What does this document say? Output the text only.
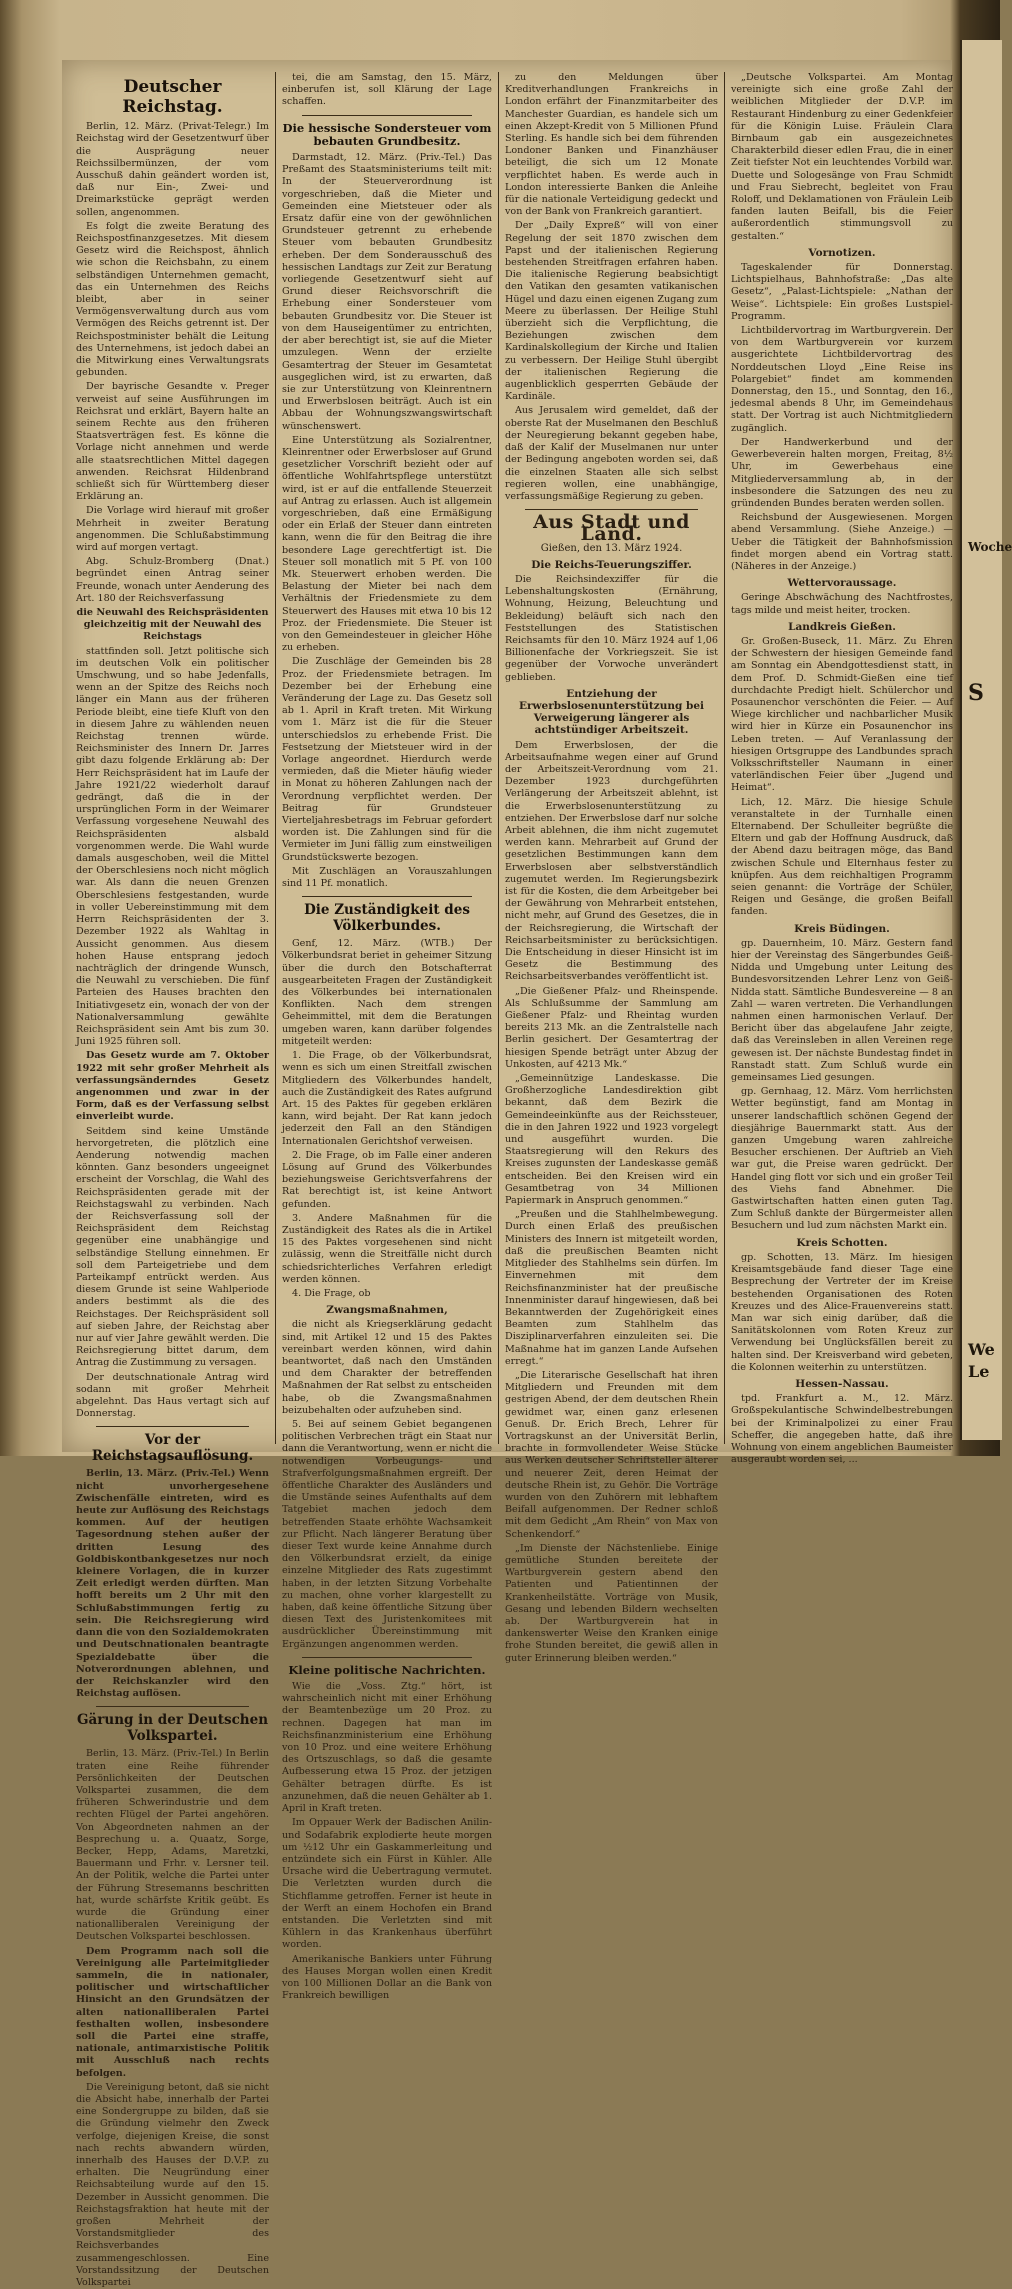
Woche
S
We
Le
Deutscher Reichstag.

Berlin, 12. März. (Privat-Telegr.) Im Reichstag wird der Gesetzentwurf über die Ausprägung neuer Reichssilbermünzen, der vom Ausschuß dahin geändert worden ist, daß nur Ein-, Zwei- und Dreimarkstücke geprägt werden sollen, angenommen.

Es folgt die zweite Beratung des Reichspostfinanzgesetzes. Mit diesem Gesetz wird die Reichspost, ähnlich wie schon die Reichsbahn, zu einem selbständigen Unternehmen gemacht, das ein Unternehmen des Reichs bleibt, aber in seiner Vermögensverwaltung durch aus vom Vermögen des Reichs getrennt ist. Der Reichspostminister behält die Leitung des Unternehmens, ist jedoch dabei an die Mitwirkung eines Verwaltungsrats gebunden.

Der bayrische Gesandte v. Preger verweist auf seine Ausführungen im Reichsrat und erklärt, Bayern halte an seinem Rechte aus den früheren Staatsverträgen fest. Es könne die Vorlage nicht annehmen und werde alle staatsrechtlichen Mittel dagegen anwenden. Reichsrat Hildenbrand schließt sich für Württemberg dieser Erklärung an.

Die Vorlage wird hierauf mit großer Mehrheit in zweiter Beratung angenommen. Die Schlußabstimmung wird auf morgen vertagt.

Abg. Schulz-Bromberg (Dnat.) begründet einen Antrag seiner Freunde, wonach unter Aenderung des Art. 180 der Reichsverfassung

die Neuwahl des Reichspräsidenten gleichzeitig mit der Neuwahl des Reichstags

stattfinden soll. Jetzt politische sich im deutschen Volk ein politischer Umschwung, und so habe Jedenfalls, wenn an der Spitze des Reichs noch länger ein Mann aus der früheren Periode bleibt, eine tiefe Kluft von den in diesem Jahre zu wählenden neuen Reichstag trennen würde. Reichsminister des Innern Dr. Jarres gibt dazu folgende Erklärung ab: Der Herr Reichspräsident hat im Laufe der Jahre 1921/22 wiederholt darauf gedrängt, daß die in der ursprünglichen Form in der Weimarer Verfassung vorgesehene Neuwahl des Reichspräsidenten alsbald vorgenommen werde. Die Wahl wurde damals ausgeschoben, weil die Mittel der Oberschlesiens noch nicht möglich war. Als dann die neuen Grenzen Oberschlesiens festgestanden, wurde in voller Uebereinstimmung mit dem Herrn Reichspräsidenten der 3. Dezember 1922 als Wahltag in Aussicht genommen. Aus diesem hohen Hause entsprang jedoch nachträglich der dringende Wunsch, die Neuwahl zu verschieben. Die fünf Parteien des Hauses brachten den Initiativgesetz ein, wonach der von der Nationalversammlung gewählte Reichspräsident sein Amt bis zum 30. Juni 1925 führen soll.

Das Gesetz wurde am 7. Oktober 1922 mit sehr großer Mehrheit als verfassungsänderndes Gesetz angenommen und zwar in der Form, daß es der Verfassung selbst einverleibt wurde.

Seitdem sind keine Umstände hervorgetreten, die plötzlich eine Aenderung notwendig machen könnten. Ganz besonders ungeeignet erscheint der Vorschlag, die Wahl des Reichspräsidenten gerade mit der Reichstagswahl zu verbinden. Nach der Reichsverfassung soll der Reichspräsident dem Reichstag gegenüber eine unabhängige und selbständige Stellung einnehmen. Er soll dem Parteigetriebe und dem Parteikampf entrückt werden. Aus diesem Grunde ist seine Wahlperiode anders bestimmt als die des Reichstages. Der Reichspräsident soll auf sieben Jahre, der Reichstag aber nur auf vier Jahre gewählt werden. Die Reichsregierung bittet darum, dem Antrag die Zustimmung zu versagen.

Der deutschnationale Antrag wird sodann mit großer Mehrheit abgelehnt. Das Haus vertagt sich auf Donnerstag.

Vor der Reichstagsauflösung.

Berlin, 13. März. (Priv.-Tel.) Wenn nicht unvorhergesehene Zwischenfälle eintreten, wird es heute zur Auflösung des Reichstags kommen. Auf der heutigen Tagesordnung stehen außer der dritten Lesung des Goldbiskontbankgesetzes nur noch kleinere Vorlagen, die in kurzer Zeit erledigt werden dürften. Man hofft bereits um 2 Uhr mit den Schlußabstimmungen fertig zu sein. Die Reichsregierung wird dann die von den Sozialdemokraten und Deutschnationalen beantragte Spezialdebatte über die Notverordnungen ablehnen, und der Reichskanzler wird den Reichstag auflösen.

Gärung in der Deutschen Volkspartei.

Berlin, 13. März. (Priv.-Tel.) In Berlin traten eine Reihe führender Persönlichkeiten der Deutschen Volkspartei zusammen, die dem früheren Schwerindustrie und dem rechten Flügel der Partei angehören. Von Abgeordneten nahmen an der Besprechung u. a. Quaatz, Sorge, Becker, Hepp, Adams, Maretzki, Bauermann und Frhr. v. Lersner teil. An der Politik, welche die Partei unter der Führung Stresemanns beschritten hat, wurde schärfste Kritik geübt. Es wurde die Gründung einer nationalliberalen Vereinigung der Deutschen Volkspartei beschlossen.

Dem Programm nach soll die Vereinigung alle Parteimitglieder sammeln, die in nationaler, politischer und wirtschaftlicher Hinsicht an den Grundsätzen der alten nationalliberalen Partei festhalten wollen, insbesondere soll die Partei eine straffe, nationale, antimarxistische Politik mit Ausschluß nach rechts befolgen.

Die Vereinigung betont, daß sie nicht die Absicht habe, innerhalb der Partei eine Sondergruppe zu bilden, daß sie die Gründung vielmehr den Zweck verfolge, diejenigen Kreise, die sonst nach rechts abwandern würden, innerhalb des Hauses der D.V.P. zu erhalten. Die Neugründung einer Reichsabteilung wurde auf den 15. Dezember in Aussicht genommen. Die Reichstagsfraktion hat heute mit der großen Mehrheit der Vorstandsmitglieder des Reichsverbandes zusammengeschlossen. Eine Vorstandssitzung der Deutschen Volkspartei

tei, die am Samstag, den 15. März, einberufen ist, soll Klärung der Lage schaffen.

Die hessische Sondersteuer vom bebauten Grundbesitz.

Darmstadt, 12. März. (Priv.-Tel.) Das Preßamt des Staatsministeriums teilt mit: In der Steuerverordnung ist vorgeschrieben, daß die Mieter und Gemeinden eine Mietsteuer oder als Ersatz dafür eine von der gewöhnlichen Grundsteuer getrennt zu erhebende Steuer vom bebauten Grundbesitz erheben. Der dem Sonderausschuß des hessischen Landtags zur Zeit zur Beratung vorliegende Gesetzentwurf sieht auf Grund dieser Reichsvorschrift die Erhebung einer Sondersteuer vom bebauten Grundbesitz vor. Die Steuer ist von dem Hauseigentümer zu entrichten, der aber berechtigt ist, sie auf die Mieter umzulegen. Wenn der erzielte Gesamtertrag der Steuer im Gesamtetat ausgeglichen wird, ist zu erwarten, daß sie zur Unterstützung von Kleinrentnern und Erwerbslosen beiträgt. Auch ist ein Abbau der Wohnungszwangswirtschaft wünschenswert.

Eine Unterstützung als Sozialrentner, Kleinrentner oder Erwerbsloser auf Grund gesetzlicher Vorschrift bezieht oder auf öffentliche Wohlfahrtspflege unterstützt wird, ist er auf die entfallende Steuerzeit auf Antrag zu erlassen. Auch ist allgemein vorgeschrieben, daß eine Ermäßigung oder ein Erlaß der Steuer dann eintreten kann, wenn die für den Beitrag die ihre besondere Lage gerechtfertigt ist. Die Steuer soll monatlich mit 5 Pf. von 100 Mk. Steuerwert erhoben werden. Die Belastung der Mieter bei nach dem Verhältnis der Friedensmiete zu dem Steuerwert des Hauses mit etwa 10 bis 12 Proz. der Friedensmiete. Die Steuer ist von den Gemeindesteuer in gleicher Höhe zu erheben.

Die Zuschläge der Gemeinden bis 28 Proz. der Friedensmiete betragen. Im Dezember bei der Erhebung eine Veränderung der Lage zu. Das Gesetz soll ab 1. April in Kraft treten. Mit Wirkung vom 1. März ist die für die Steuer unterschiedslos zu erhebende Frist. Die Festsetzung der Mietsteuer wird in der Vorlage angeordnet. Hierdurch werde vermieden, daß die Mieter häufig wieder in Monat zu höheren Zahlungen nach der Verordnung verpflichtet werden. Der Beitrag für Grundsteuer Vierteljahresbetrags im Februar gefordert worden ist. Die Zahlungen sind für die Vermieter im Juni fällig zum einstweiligen Grundstückswerte bezogen.

Mit Zuschlägen an Vorauszahlungen sind 11 Pf. monatlich.

Die Zuständigkeit des Völkerbundes.

Genf, 12. März. (WTB.) Der Völkerbundsrat beriet in geheimer Sitzung über die durch den Botschafterrat ausgearbeiteten Fragen der Zuständigkeit des Völkerbundes bei internationalen Konflikten. Nach dem strengen Geheimmittel, mit dem die Beratungen umgeben waren, kann darüber folgendes mitgeteilt werden:

1. Die Frage, ob der Völkerbundsrat, wenn es sich um einen Streitfall zwischen Mitgliedern des Völkerbundes handelt, auch die Zuständigkeit des Rates aufgrund Art. 15 des Paktes für gegeben erklären kann, wird bejaht. Der Rat kann jedoch jederzeit den Fall an den Ständigen Internationalen Gerichtshof verweisen.

2. Die Frage, ob im Falle einer anderen Lösung auf Grund des Völkerbundes beziehungsweise Gerichtsverfahrens der Rat berechtigt ist, ist keine Antwort gefunden.

3. Andere Maßnahmen für die Zuständigkeit des Rates als die in Artikel 15 des Paktes vorgesehenen sind nicht zulässig, wenn die Streitfälle nicht durch schiedsrichterliches Verfahren erledigt werden können.

4. Die Frage, ob

Zwangsmaßnahmen,

die nicht als Kriegserklärung gedacht sind, mit Artikel 12 und 15 des Paktes vereinbart werden können, wird dahin beantwortet, daß nach den Umständen und dem Charakter der betreffenden Maßnahmen der Rat selbst zu entscheiden habe, ob die Zwangsmaßnahmen beizubehalten oder aufzuheben sind.

5. Bei auf seinem Gebiet begangenen politischen Verbrechen trägt ein Staat nur dann die Verantwortung, wenn er nicht die notwendigen Vorbeugungs- und Strafverfolgungsmaßnahmen ergreift. Der öffentliche Charakter des Ausländers und die Umstände seines Aufenthalts auf dem Tatgebiet machen jedoch dem betreffenden Staate erhöhte Wachsamkeit zur Pflicht. Nach längerer Beratung über dieser Text wurde keine Annahme durch den Völkerbundsrat erzielt, da einige einzelne Mitglieder des Rats zugestimmt haben, in der letzten Sitzung Vorbehalte zu machen, ohne vorher klargestellt zu haben, daß keine öffentliche Sitzung über diesen Text des Juristenkomitees mit ausdrücklicher Übereinstimmung mit Ergänzungen angenommen werden.

Kleine politische Nachrichten.

Wie die „Voss. Ztg.“ hört, ist wahrscheinlich nicht mit einer Erhöhung der Beamtenbezüge um 20 Proz. zu rechnen. Dagegen hat man im Reichsfinanzministerium eine Erhöhung von 10 Proz. und eine weitere Erhöhung des Ortszuschlags, so daß die gesamte Aufbesserung etwa 15 Proz. der jetzigen Gehälter betragen dürfte. Es ist anzunehmen, daß die neuen Gehälter ab 1. April in Kraft treten.

Im Oppauer Werk der Badischen Anilin- und Sodafabrik explodierte heute morgen um ½12 Uhr ein Gaskammerleitung und entzündete sich ein Fürst in Kühler. Alle Ursache wird die Uebertragung vermutet. Die Verletzten wurden durch die Stichflamme getroffen. Ferner ist heute in der Werft an einem Hochofen ein Brand entstanden. Die Verletzten sind mit Kühlern in das Krankenhaus überführt worden.

Amerikanische Bankiers unter Führung des Hauses Morgan wollen einen Kredit von 100 Millionen Dollar an die Bank von Frankreich bewilligen

zu den Meldungen über Kreditverhandlungen Frankreichs in London erfährt der Finanzmitarbeiter des Manchester Guardian, es handele sich um einen Akzept-Kredit von 5 Millionen Pfund Sterling. Es handle sich bei dem führenden Londoner Banken und Finanzhäuser beteiligt, die sich um 12 Monate verpflichtet haben. Es werde auch in London interessierte Banken die Anleihe für die nationale Verteidigung gedeckt und von der Bank von Frankreich garantiert.

Der „Daily Expreß“ will von einer Regelung der seit 1870 zwischen dem Papst und der italienischen Regierung bestehenden Streitfragen erfahren haben. Die italienische Regierung beabsichtigt den Vatikan den gesamten vatikanischen Hügel und dazu einen eigenen Zugang zum Meere zu überlassen. Der Heilige Stuhl überzieht sich die Verpflichtung, die Beziehungen zwischen dem Kardinalskollegium der Kirche und Italien zu verbessern. Der Heilige Stuhl übergibt der italienischen Regierung die augenblicklich gesperrten Gebäude der Kardinäle.

Aus Jerusalem wird gemeldet, daß der oberste Rat der Muselmanen den Beschluß der Neuregierung bekannt gegeben habe, daß der Kalif der Muselmanen nur unter der Bedingung angeboten worden sei, daß die einzelnen Staaten alle sich selbst regieren wollen, eine unabhängige, verfassungsmäßige Regierung zu geben.

Aus Stadt und Land.
Gießen, den 13. März 1924.
Die Reichs-Teuerungsziffer.

Die Reichsindexziffer für die Lebenshaltungskosten (Ernährung, Wohnung, Heizung, Beleuchtung und Bekleidung) beläuft sich nach den Feststellungen des Statistischen Reichsamts für den 10. März 1924 auf 1,06 Billionenfache der Vorkriegszeit. Sie ist gegenüber der Vorwoche unverändert geblieben.

Entziehung der Erwerbslosenunterstützung bei Verweigerung längerer als achtstündiger Arbeitszeit.

Dem Erwerbslosen, der die Arbeitsaufnahme wegen einer auf Grund der Arbeitszeit-Verordnung vom 21. Dezember 1923 durchgeführten Verlängerung der Arbeitszeit ablehnt, ist die Erwerbslosenunterstützung zu entziehen. Der Erwerbslose darf nur solche Arbeit ablehnen, die ihm nicht zugemutet werden kann. Mehrarbeit auf Grund der gesetzlichen Bestimmungen kann dem Erwerbslosen aber selbstverständlich zugemutet werden. Im Regierungsbezirk ist für die Kosten, die dem Arbeitgeber bei der Gewährung von Mehrarbeit entstehen, nicht mehr, auf Grund des Gesetzes, die in der Reichsregierung, die Wirtschaft der Reichsarbeitsminister zu berücksichtigen. Die Entscheidung in dieser Hinsicht ist im Gesetz die Bestimmung des Reichsarbeitsverbandes veröffentlicht ist.

„Die Gießener Pfalz- und Rheinspende. Als Schlußsumme der Sammlung am Gießener Pfalz- und Rheintag wurden bereits 213 Mk. an die Zentralstelle nach Berlin gesichert. Der Gesamtertrag der hiesigen Spende beträgt unter Abzug der Unkosten, auf 4213 Mk.“

„Gemeinnützige Landeskasse. Die Großherzogliche Landesdirektion gibt bekannt, daß dem Bezirk die Gemeindeeinkünfte aus der Reichssteuer, die in den Jahren 1922 und 1923 vorgelegt und ausgeführt wurden. Die Staatsregierung will den Rekurs des Kreises zugunsten der Landeskasse gemäß entscheiden. Bei den Kreisen wird ein Gesamtbetrag von 34 Millionen Papiermark in Anspruch genommen.“

„Preußen und die Stahlhelmbewegung. Durch einen Erlaß des preußischen Ministers des Innern ist mitgeteilt worden, daß die preußischen Beamten nicht Mitglieder des Stahlhelms sein dürfen. Im Einvernehmen mit dem Reichsfinanzminister hat der preußische Innenminister darauf hingewiesen, daß bei Bekanntwerden der Zugehörigkeit eines Beamten zum Stahlhelm das Disziplinarverfahren einzuleiten sei. Die Maßnahme hat im ganzen Lande Aufsehen erregt.“

„Die Literarische Gesellschaft hat ihren Mitgliedern und Freunden mit dem gestrigen Abend, der dem deutschen Rhein gewidmet war, einen ganz erlesenen Genuß. Dr. Erich Brech, Lehrer für Vortragskunst an der Universität Berlin, brachte in formvollendeter Weise Stücke aus Werken deutscher Schriftsteller älterer und neuerer Zeit, deren Heimat der deutsche Rhein ist, zu Gehör. Die Vorträge wurden von den Zuhörern mit lebhaftem Beifall aufgenommen. Der Redner schloß mit dem Gedicht „Am Rhein“ von Max von Schenkendorf.“

„Im Dienste der Nächstenliebe. Einige gemütliche Stunden bereitete der Wartburgverein gestern abend den Patienten und Patientinnen der Krankenheilstätte. Vorträge von Musik, Gesang und lebenden Bildern wechselten ab. Der Wartburgverein hat in dankenswerter Weise den Kranken einige frohe Stunden bereitet, die gewiß allen in guter Erinnerung bleiben werden.“

„Deutsche Volkspartei. Am Montag vereinigte sich eine große Zahl der weiblichen Mitglieder der D.V.P. im Restaurant Hindenburg zu einer Gedenkfeier für die Königin Luise. Fräulein Clara Birnbaum gab ein ausgezeichnetes Charakterbild dieser edlen Frau, die in einer Zeit tiefster Not ein leuchtendes Vorbild war. Duette und Sologesänge von Frau Schmidt und Frau Siebrecht, begleitet von Frau Roloff, und Deklamationen von Fräulein Leib fanden lauten Beifall, bis die Feier außerordentlich stimmungsvoll zu gestalten.“

Vornotizen.

Tageskalender für Donnerstag. Lichtspielhaus, Bahnhofstraße: „Das alte Gesetz“, „Palast-Lichtspiele: „Nathan der Weise“. Lichtspiele: Ein großes Lustspiel-Programm.

Lichtbildervortrag im Wartburgverein. Der von dem Wartburgverein vor kurzem ausgerichtete Lichtbildervortrag des Norddeutschen Lloyd „Eine Reise ins Polargebiet“ findet am kommenden Donnerstag, den 15., und Sonntag, den 16., jedesmal abends 8 Uhr, im Gemeindehaus statt. Der Vortrag ist auch Nichtmitgliedern zugänglich.

Der Handwerkerbund und der Gewerbeverein halten morgen, Freitag, 8½ Uhr, im Gewerbehaus eine Mitgliederversammlung ab, in der insbesondere die Satzungen des neu zu gründenden Bundes beraten werden sollen.

Reichsbund der Ausgewiesenen. Morgen abend Versammlung. (Siehe Anzeige.) — Ueber die Tätigkeit der Bahnhofsmission findet morgen abend ein Vortrag statt. (Näheres in der Anzeige.)

Wettervoraussage.

Geringe Abschwächung des Nachtfrostes, tags milde und meist heiter, trocken.

Landkreis Gießen.

Gr. Großen-Buseck, 11. März. Zu Ehren der Schwestern der hiesigen Gemeinde fand am Sonntag ein Abendgottesdienst statt, in dem Prof. D. Schmidt-Gießen eine tief durchdachte Predigt hielt. Schülerchor und Posaunenchor verschönten die Feier. — Auf Wiege kirchlicher und nachbarlicher Musik wird hier in Kürze ein Posaunenchor ins Leben treten. — Auf Veranlassung der hiesigen Ortsgruppe des Landbundes sprach Volksschriftsteller Naumann in einer vaterländischen Feier über „Jugend und Heimat“.

Lich, 12. März. Die hiesige Schule veranstaltete in der Turnhalle einen Elternabend. Der Schulleiter begrüßte die Eltern und gab der Hoffnung Ausdruck, daß der Abend dazu beitragen möge, das Band zwischen Schule und Elternhaus fester zu knüpfen. Aus dem reichhaltigen Programm seien genannt: die Vorträge der Schüler, Reigen und Gesänge, die großen Beifall fanden.

Kreis Büdingen.

gp. Dauernheim, 10. März. Gestern fand hier der Vereinstag des Sängerbundes Geiß-Nidda und Umgebung unter Leitung des Bundesvorsitzenden Lehrer Lenz von Geiß-Nidda statt. Sämtliche Bundesvereine — 8 an Zahl — waren vertreten. Die Verhandlungen nahmen einen harmonischen Verlauf. Der Bericht über das abgelaufene Jahr zeigte, daß das Vereinsleben in allen Vereinen rege gewesen ist. Der nächste Bundestag findet in Ranstadt statt. Zum Schluß wurde ein gemeinsames Lied gesungen.

gp. Gernhaag, 12. März. Vom herrlichsten Wetter begünstigt, fand am Montag in unserer landschaftlich schönen Gegend der diesjährige Bauernmarkt statt. Aus der ganzen Umgebung waren zahlreiche Besucher erschienen. Der Auftrieb an Vieh war gut, die Preise waren gedrückt. Der Handel ging flott vor sich und ein großer Teil des Viehs fand Abnehmer. Die Gastwirtschaften hatten einen guten Tag. Zum Schluß dankte der Bürgermeister allen Besuchern und lud zum nächsten Markt ein.

Kreis Schotten.

gp. Schotten, 13. März. Im hiesigen Kreisamtsgebäude fand dieser Tage eine Besprechung der Vertreter der im Kreise bestehenden Organisationen des Roten Kreuzes und des Alice-Frauenvereins statt. Man war sich einig darüber, daß die Sanitätskolonnen vom Roten Kreuz zur Verwendung bei Unglücksfällen bereit zu halten sind. Der Kreisverband wird gebeten, die Kolonnen weiterhin zu unterstützen.

Hessen-Nassau.

tpd. Frankfurt a. M., 12. März. Großspekulantische Schwindelbestrebungen bei der Kriminalpolizei zu einer Frau Scheffer, die angegeben hatte, daß ihre Wohnung von einem angeblichen Baumeister ausgeraubt worden sei, ...
